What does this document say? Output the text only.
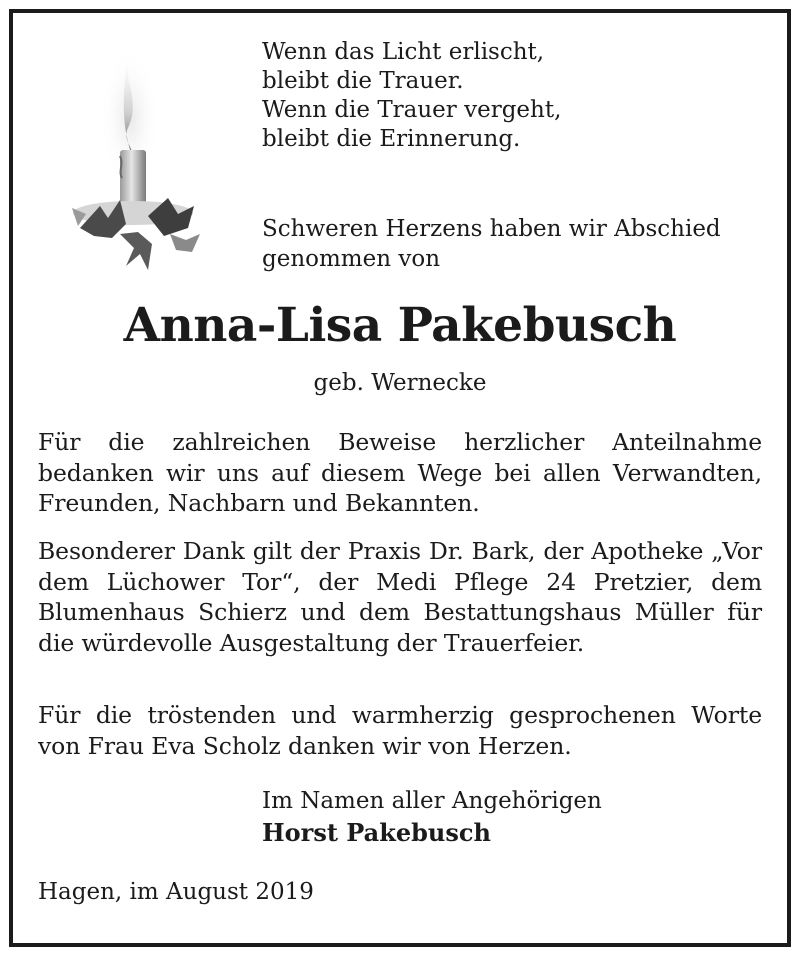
Wenn das Licht erlischt,
bleibt die Trauer.
Wenn die Trauer vergeht,
bleibt die Erinnerung.
Schweren Herzens haben wir Abschied
genommen von
Anna-Lisa Pakebusch
geb. Wernecke
Für die zahlreichen Beweise herzlicher Anteilnahme bedanken wir uns auf diesem Wege bei allen Verwandten, Freunden, Nachbarn und Bekannten.
Besonderer Dank gilt der Praxis Dr. Bark, der Apotheke „Vor dem Lüchower Tor“, der Medi Pflege 24 Pretzier, dem Blumenhaus Schierz und dem Bestattungshaus Müller für die würdevolle Ausgestaltung der Trauerfeier.
Für die tröstenden und warmherzig gesprochenen Worte von Frau Eva Scholz danken wir von Herzen.
Im Namen aller Angehörigen
Horst Pakebusch
Hagen, im August 2019
